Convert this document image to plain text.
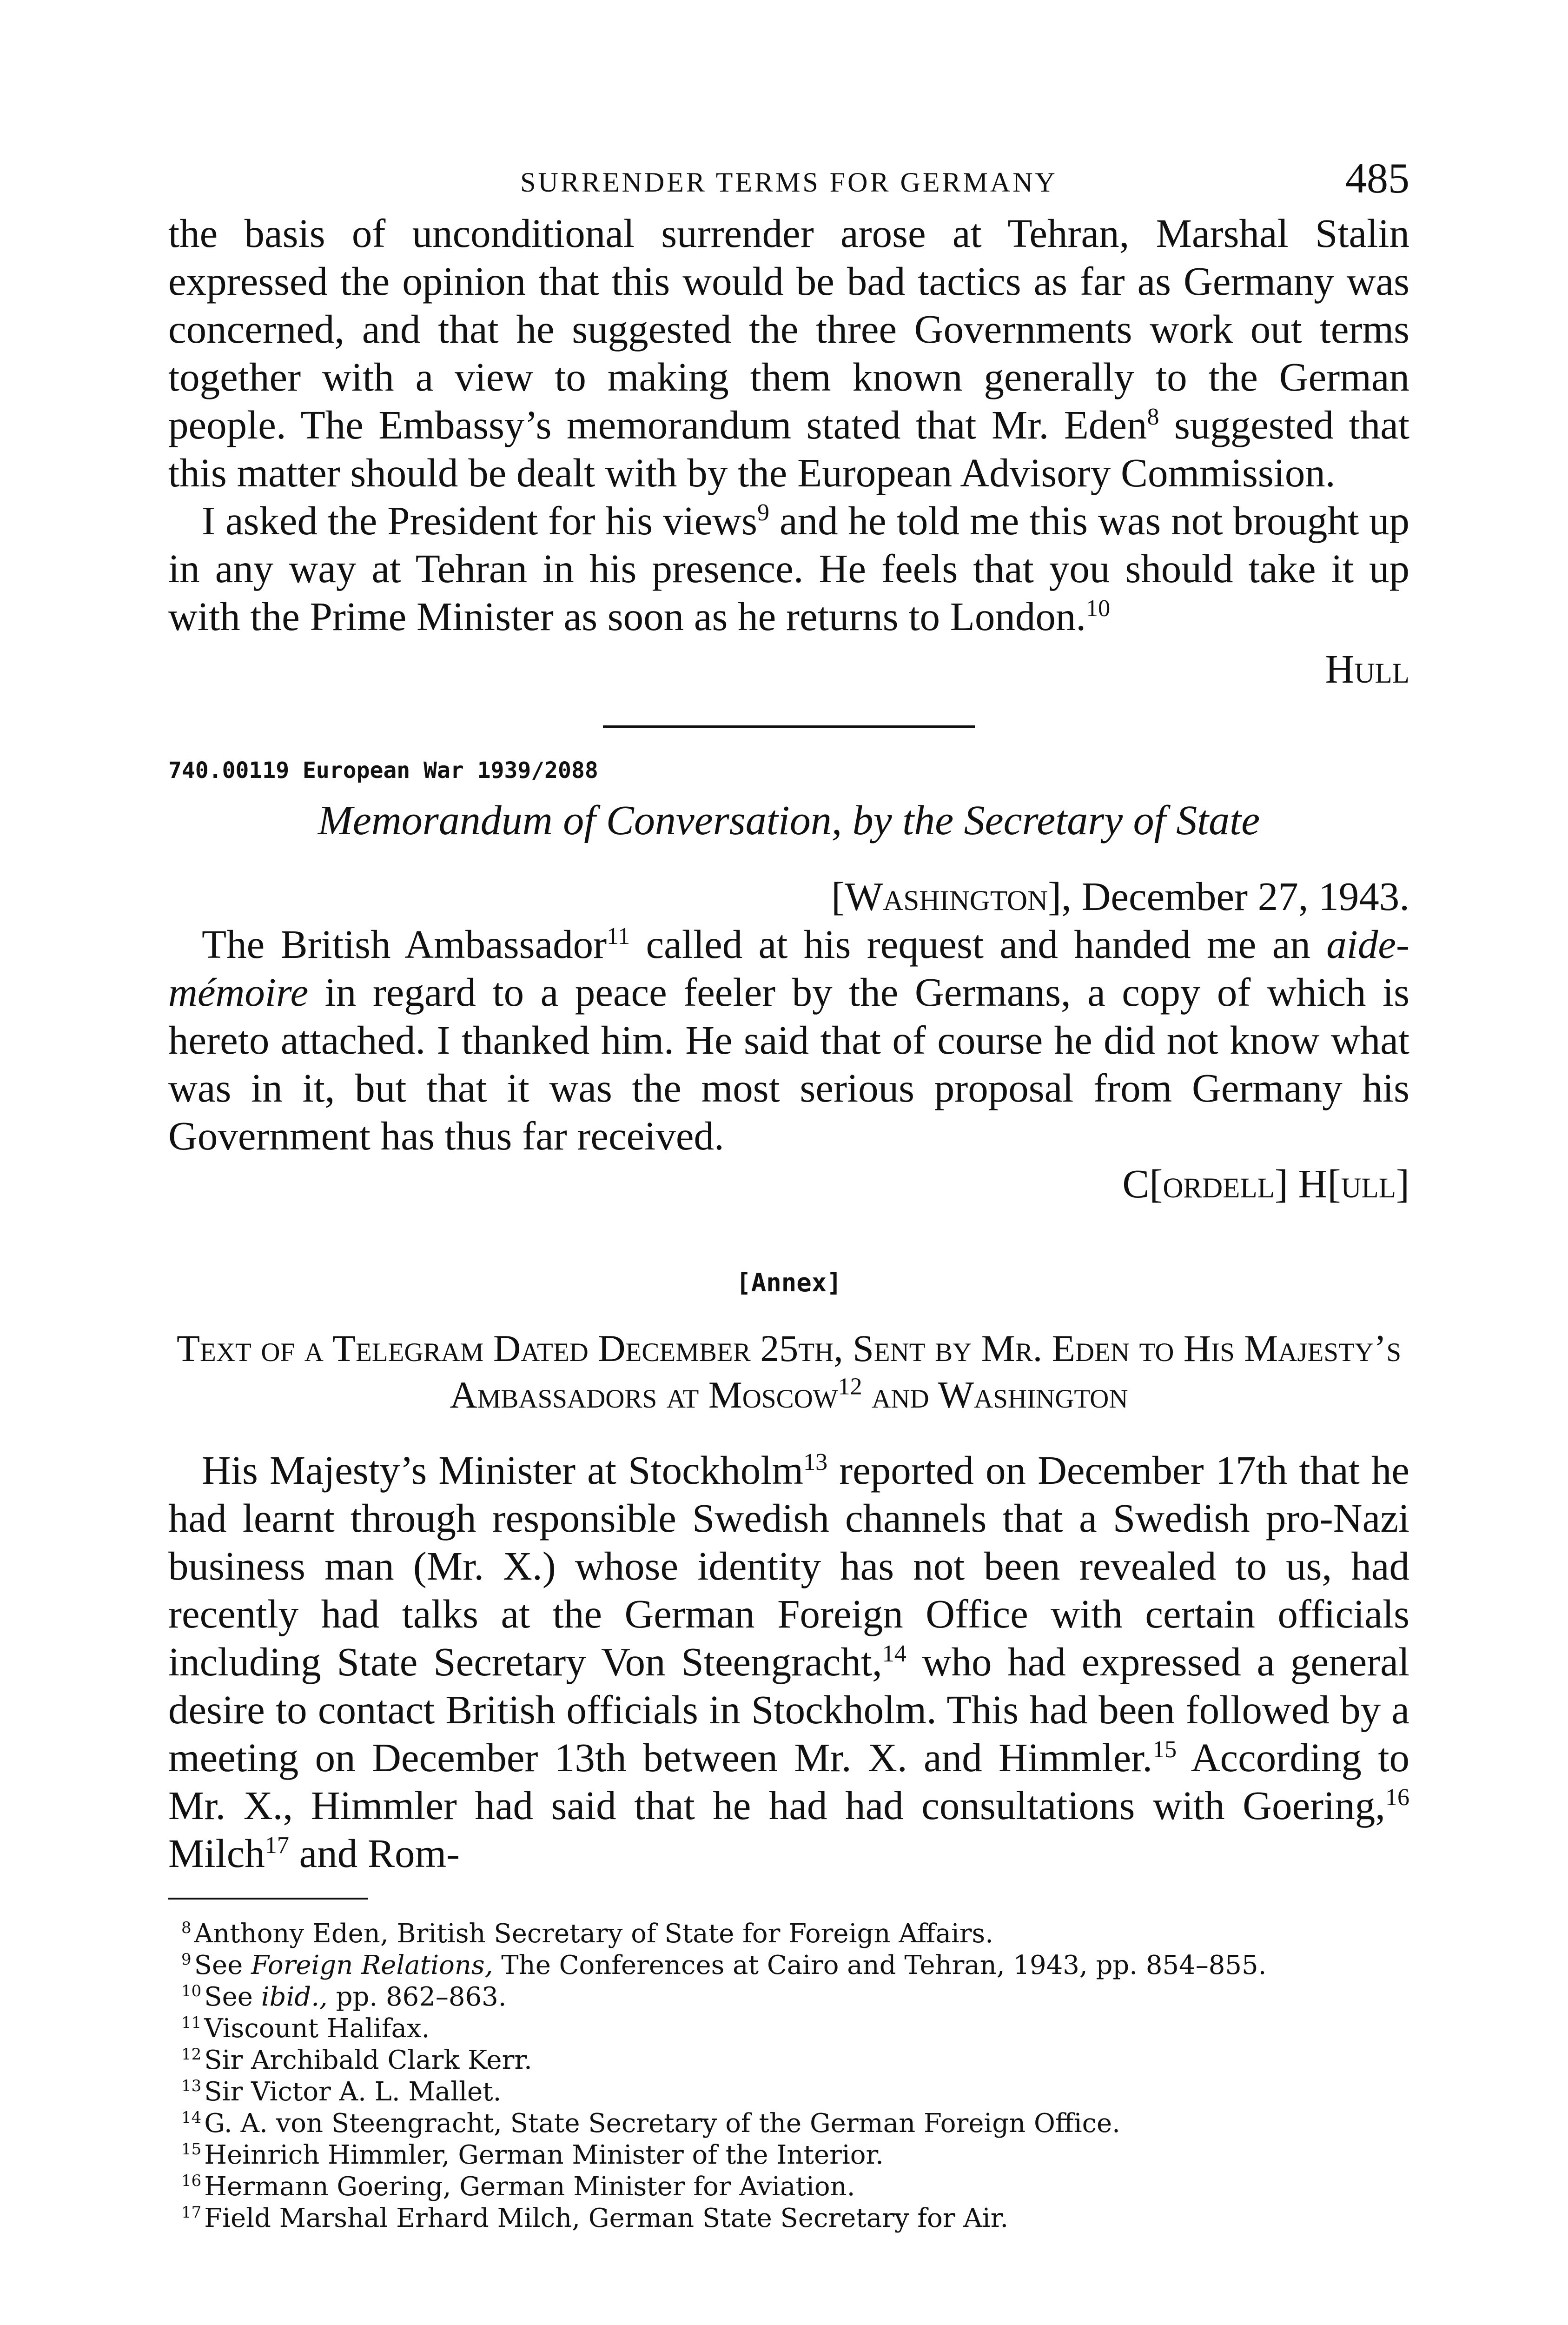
SURRENDER TERMS FOR GERMANY	485

the basis of unconditional surrender arose at Tehran, Marshal Stalin expressed the opinion that this would be bad tactics as far as Germany was concerned, and that he suggested the three Governments work out terms together with a view to making them known generally to the German people. The Embassy’s memorandum stated that Mr. Eden$^8$ suggested that this matter should be dealt with by the European Advisory Commission.

I asked the President for his views$^9$ and he told me this was not brought up in any way at Tehran in his presence. He feels that you should take it up with the Prime Minister as soon as he returns to London.$^{10}$

Hull

740.00119 European War 1939/2088

Memorandum of Conversation, by the Secretary of State

[Washington], December 27, 1943.

The British Ambassador$^{11}$ called at his request and handed me an aide-mémoire in regard to a peace feeler by the Germans, a copy of which is hereto attached. I thanked him. He said that of course he did not know what was in it, but that it was the most serious proposal from Germany his Government has thus far received.

C[ordell] H[ull]

[Annex]

Text of a Telegram Dated December 25th, Sent by Mr. Eden to His Majesty’s Ambassadors at Moscow$^{12}$ and Washington

His Majesty’s Minister at Stockholm$^{13}$ reported on December 17th that he had learnt through responsible Swedish channels that a Swedish pro-Nazi business man (Mr. X.) whose identity has not been revealed to us, had recently had talks at the German Foreign Office with certain officials including State Secretary Von Steengracht,$^{14}$ who had expressed a general desire to contact British officials in Stockholm. This had been followed by a meeting on December 13th between Mr. X. and Himmler.$^{15}$ According to Mr. X., Himmler had said that he had had consultations with Goering,$^{16}$ Milch$^{17}$ and Rom-

$^8$ Anthony Eden, British Secretary of State for Foreign Affairs.
$^9$ See Foreign Relations, The Conferences at Cairo and Tehran, 1943, pp. 854–855.
$^{10}$ See ibid., pp. 862–863.
$^{11}$ Viscount Halifax.
$^{12}$ Sir Archibald Clark Kerr.
$^{13}$ Sir Victor A. L. Mallet.
$^{14}$ G. A. von Steengracht, State Secretary of the German Foreign Office.
$^{15}$ Heinrich Himmler, German Minister of the Interior.
$^{16}$ Hermann Goering, German Minister for Aviation.
$^{17}$ Field Marshal Erhard Milch, German State Secretary for Air.
